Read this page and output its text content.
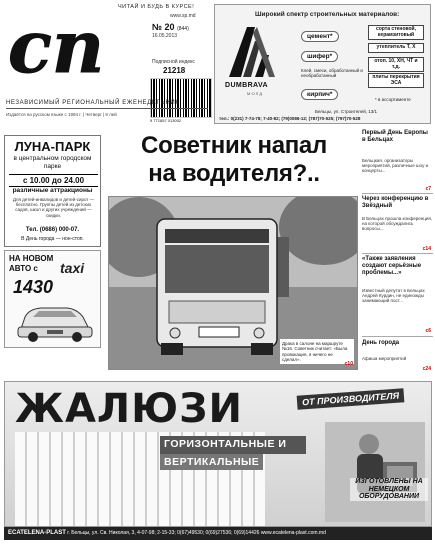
сп	ЧИТАЙ И БУДЬ В КУРСЕ!
www.sp.md
№ 20 (844)
16.05.2013
Подписной индекс
21218
9 771857 013002
НЕЗАВИСИМЫЙ РЕГИОНАЛЬНЫЙ ЕЖЕНЕДЕЛЬНИК
Издаётся на русском языке с 1994 г. | Четверг | 8 лей
Широкий спектр строительных материалов:
DUMBRAVA
М О Л Д
цемент*
шифер*
кирпич*
Клей, смеси, обработанный и необработанный
сорта стеновой, керамзитовый
утеплитель Т, Х
отоп. 10, ХН, ЧТ и т.д.
плиты перекрытия ЭСА
* в ассортименте
Бельцы, ул. Строителей, 13/1
тел.: 0(231) 7-74-78; 7-40-82; (79)0086-12; (787)70-525; (797)70-528
ЛУНА-ПАРК
в центральном городском парке
с 10.00 до 24.00
различные аттракционы
Для детей-инвалидов и детей-сирот — бесплатно. Группы детей из детских садов, школ и других учреждений — скидки.
Тел. (0686) 000-07.
В День города — нон-стоп.
НА НОВОМ
АВТО с taxi
1430
Советник напал
на водителя?..
Драка в салоне на маршруте №16. Советник считает: «Была провокация, я ничего не сделал».
c10
Первый День Европы в Бельцах
Бельцкая, организаторы мероприятий, различные шоу и концерты...
c7
Через конференцию в Звёздный
В Бельцах прошла конференция, на которой обсуждались вопросы...
c14
«Также заявления создают серьёзные проблемы...»
Известный депутат в Бельцах Андрей Курдин, не единожды занимающий пост...
c6
День города
Афиша мероприятий
c24
ЖАЛЮЗИ	ОТ ПРОИЗВОДИТЕЛЯ
ГОРИЗОНТАЛЬНЫЕ И
ВЕРТИКАЛЬНЫЕ
ИЗГОТОВЛЕНЫ НА НЕМЕЦКОМ ОБОРУДОВАНИИ
ECATELENA-PLAST г. Бельцы, ул. Св. Николая, 3, 4-07-98; 2-15-33; 0(67)49530; 0(69)27536; 0(69)14426 www.ecatelena-plast.com.md
